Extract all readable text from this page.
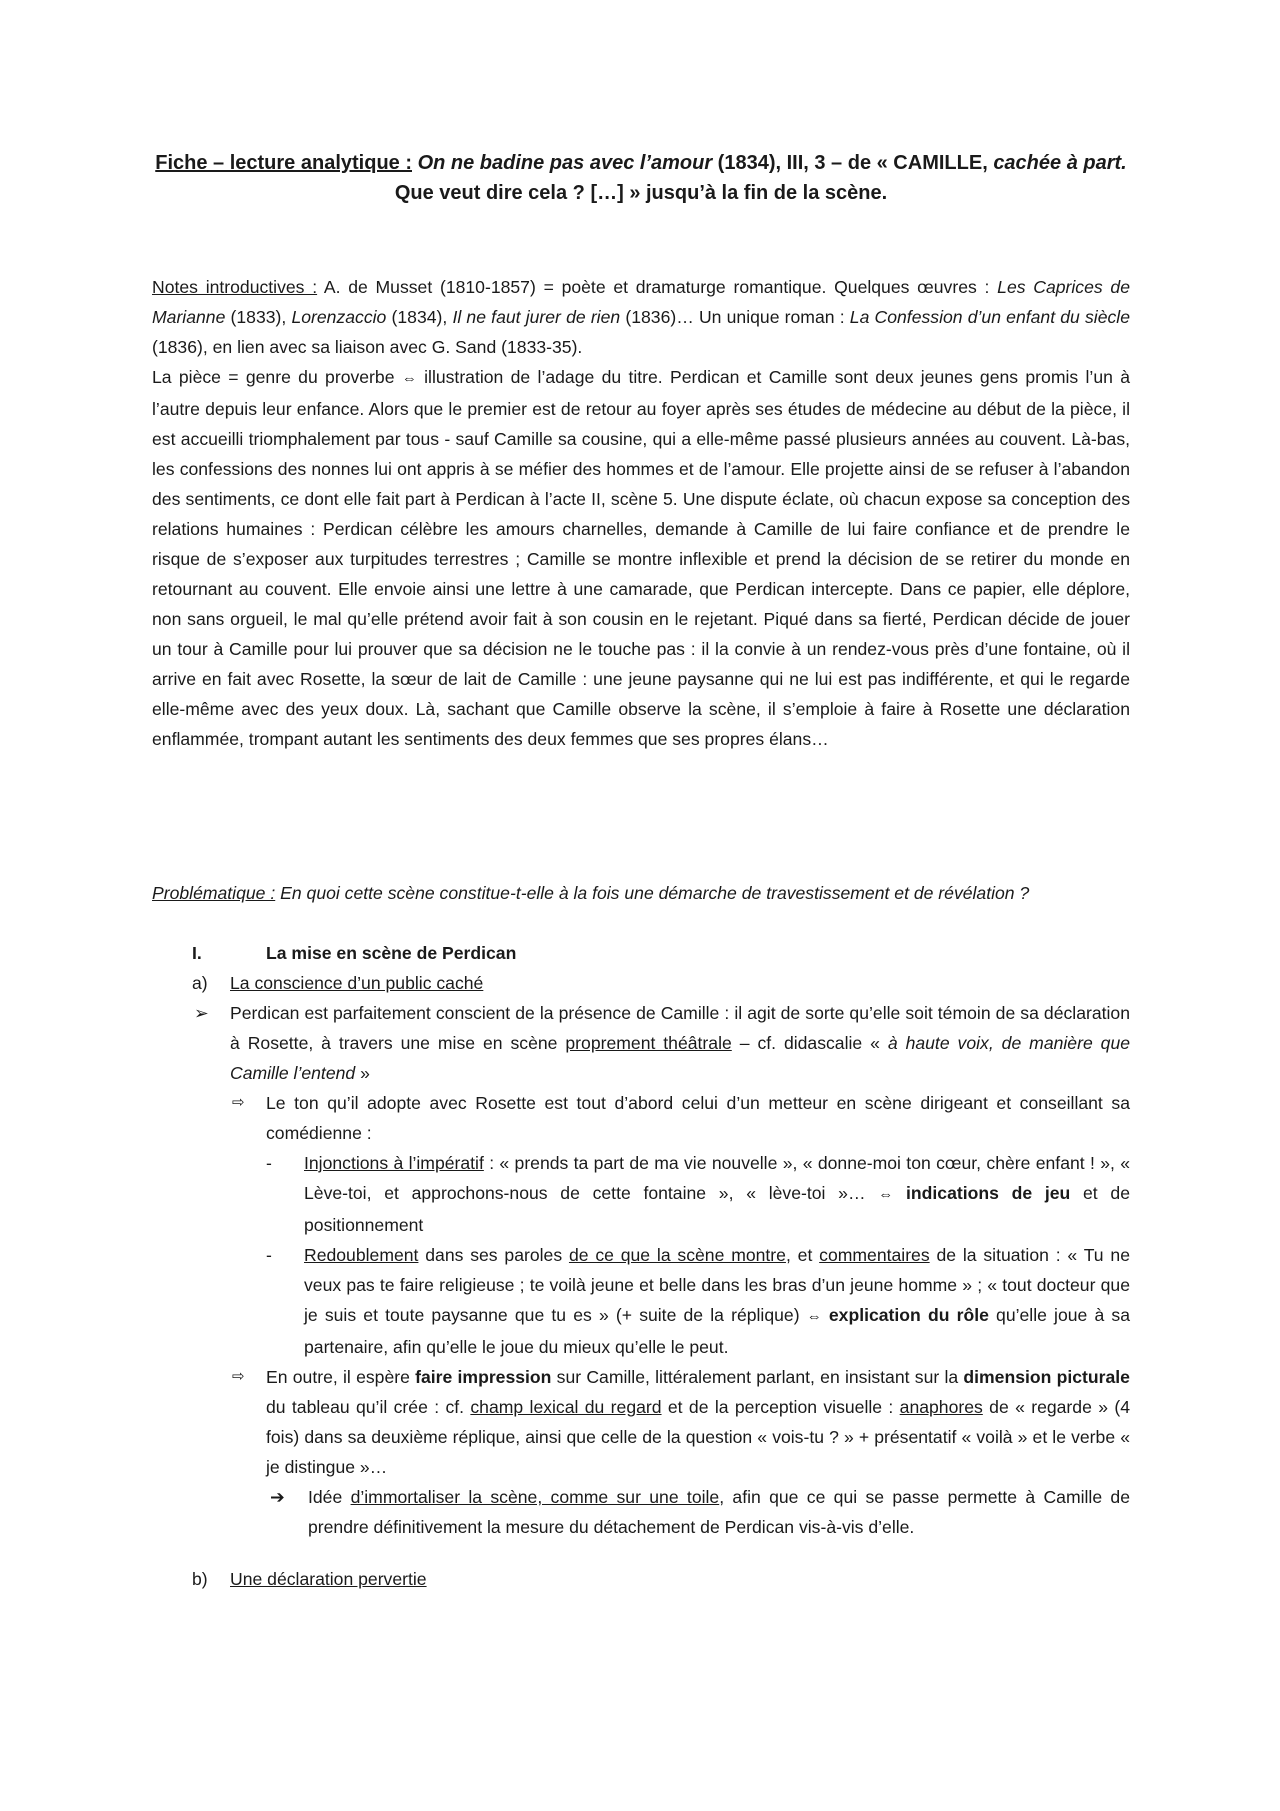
Fiche – lecture analytique : On ne badine pas avec l’amour (1834), III, 3 – de « CAMILLE, cachée à part. Que veut dire cela ? […] » jusqu’à la fin de la scène.

Notes introductives : A. de Musset (1810-1857) = poète et dramaturge romantique. Quelques œuvres : Les Caprices de Marianne (1833), Lorenzaccio (1834), Il ne faut jurer de rien (1836)… Un unique roman : La Confession d’un enfant du siècle (1836), en lien avec sa liaison avec G. Sand (1833-35).

La pièce = genre du proverbe ⇔ illustration de l’adage du titre. Perdican et Camille sont deux jeunes gens promis l’un à l’autre depuis leur enfance. Alors que le premier est de retour au foyer après ses études de médecine au début de la pièce, il est accueilli triomphalement par tous - sauf Camille sa cousine, qui a elle-même passé plusieurs années au couvent. Là-bas, les confessions des nonnes lui ont appris à se méfier des hommes et de l’amour. Elle projette ainsi de se refuser à l’abandon des sentiments, ce dont elle fait part à Perdican à l’acte II, scène 5. Une dispute éclate, où chacun expose sa conception des relations humaines : Perdican célèbre les amours charnelles, demande à Camille de lui faire confiance et de prendre le risque de s’exposer aux turpitudes terrestres ; Camille se montre inflexible et prend la décision de se retirer du monde en retournant au couvent. Elle envoie ainsi une lettre à une camarade, que Perdican intercepte. Dans ce papier, elle déplore, non sans orgueil, le mal qu’elle prétend avoir fait à son cousin en le rejetant. Piqué dans sa fierté, Perdican décide de jouer un tour à Camille pour lui prouver que sa décision ne le touche pas : il la convie à un rendez-vous près d’une fontaine, où il arrive en fait avec Rosette, la sœur de lait de Camille : une jeune paysanne qui ne lui est pas indifférente, et qui le regarde elle-même avec des yeux doux. Là, sachant que Camille observe la scène, il s’emploie à faire à Rosette une déclaration enflammée, trompant autant les sentiments des deux femmes que ses propres élans…

Problématique : En quoi cette scène constitue-t-elle à la fois une démarche de travestissement et de révélation ?
I.	La mise en scène de Perdican
a) La conscience d’un public caché
➢ Perdican est parfaitement conscient de la présence de Camille : il agit de sorte qu’elle soit témoin de sa déclaration à Rosette, à travers une mise en scène proprement théâtrale – cf. didascalie « à haute voix, de manière que Camille l’entend »
⇨ Le ton qu’il adopte avec Rosette est tout d’abord celui d’un metteur en scène dirigeant et conseillant sa comédienne :
- Injonctions à l’impératif : « prends ta part de ma vie nouvelle », « donne-moi ton cœur, chère enfant ! », « Lève-toi, et approchons-nous de cette fontaine », « lève-toi »… ⇔ indications de jeu et de positionnement
- Redoublement dans ses paroles de ce que la scène montre, et commentaires de la situation : « Tu ne veux pas te faire religieuse ; te voilà jeune et belle dans les bras d’un jeune homme » ; « tout docteur que je suis et toute paysanne que tu es » (+ suite de la réplique) ⇔ explication du rôle qu’elle joue à sa partenaire, afin qu’elle le joue du mieux qu’elle le peut.
⇨ En outre, il espère faire impression sur Camille, littéralement parlant, en insistant sur la dimension picturale du tableau qu’il crée : cf. champ lexical du regard et de la perception visuelle : anaphores de « regarde » (4 fois) dans sa deuxième réplique, ainsi que celle de la question « vois-tu ? » + présentatif « voilà » et le verbe « je distingue »…
➔ Idée d’immortaliser la scène, comme sur une toile, afin que ce qui se passe permette à Camille de prendre définitivement la mesure du détachement de Perdican vis-à-vis d’elle.
b) Une déclaration pervertie
